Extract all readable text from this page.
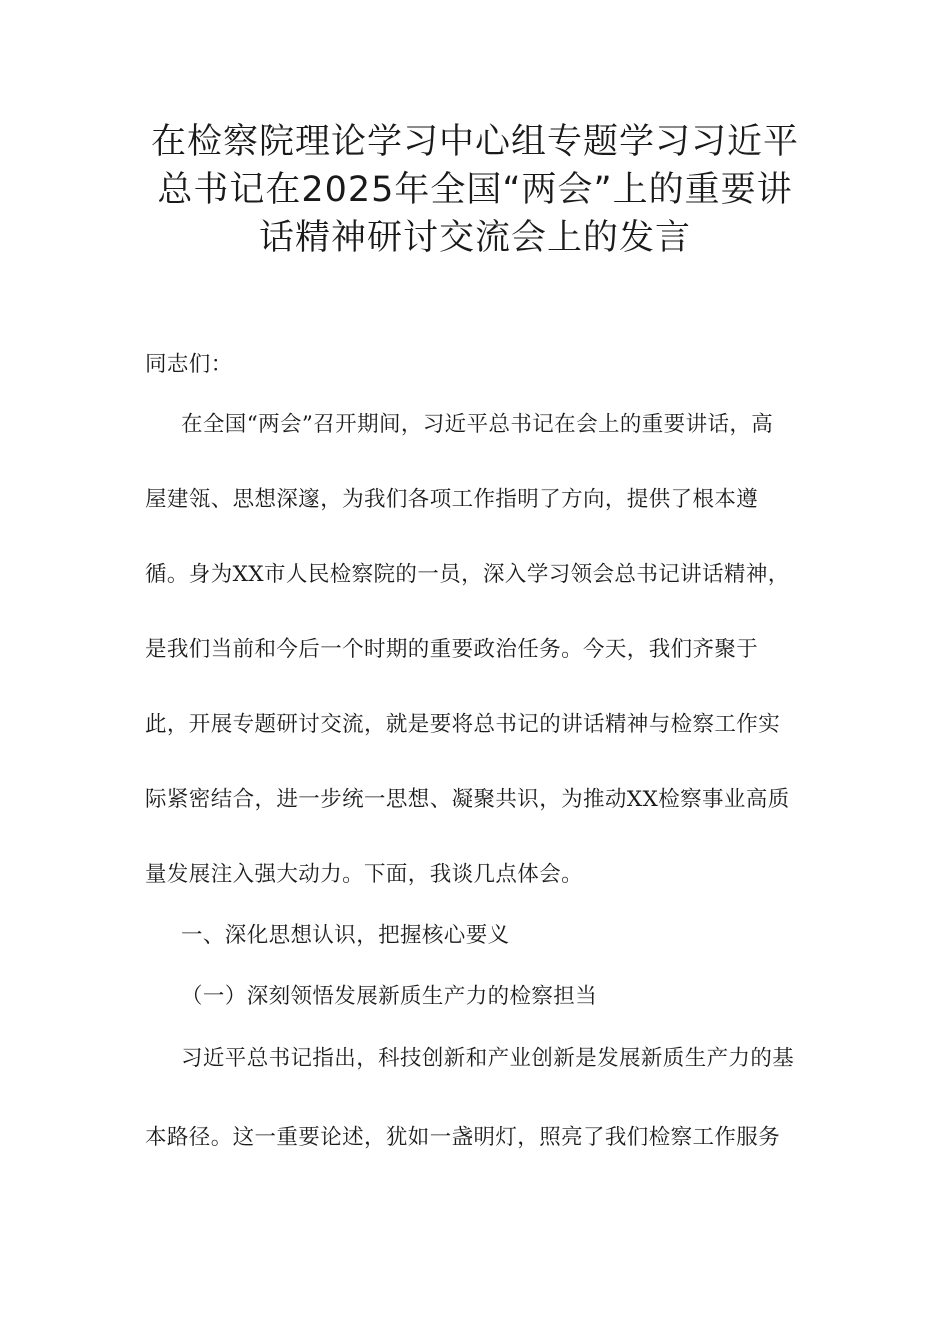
在检察院理论学习中心组专题学习习近平
总书记在2025年全国“两会”上的重要讲
话精神研讨交流会上的发言
同志们：
在全国“两会”召开期间，习近平总书记在会上的重要讲话，高
屋建瓴、思想深邃，为我们各项工作指明了方向，提供了根本遵
循。身为XX市人民检察院的一员，深入学习领会总书记讲话精神，
是我们当前和今后一个时期的重要政治任务。今天，我们齐聚于
此，开展专题研讨交流，就是要将总书记的讲话精神与检察工作实
际紧密结合，进一步统一思想、凝聚共识，为推动XX检察事业高质
量发展注入强大动力。下面，我谈几点体会。
一、深化思想认识，把握核心要义
（一）深刻领悟发展新质生产力的检察担当
习近平总书记指出，科技创新和产业创新是发展新质生产力的基
本路径。这一重要论述，犹如一盏明灯，照亮了我们检察工作服务
